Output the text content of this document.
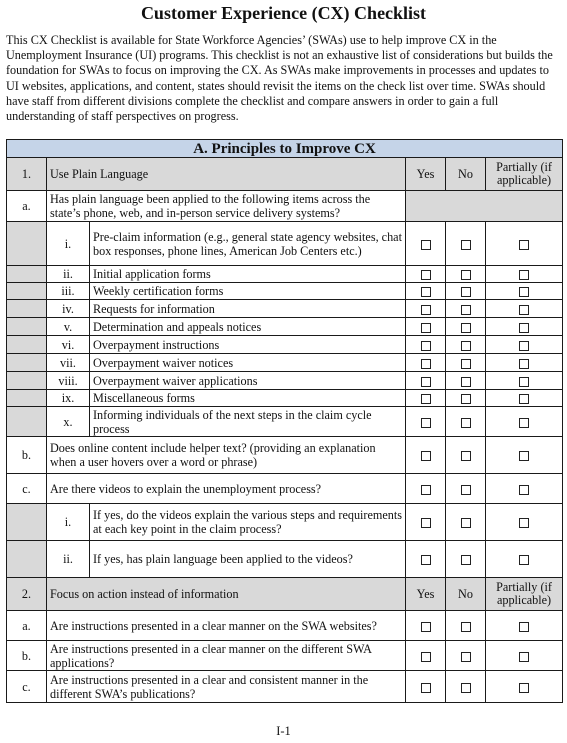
Customer Experience (CX) Checklist

This CX Checklist is available for State Workforce Agencies’ (SWAs) use to help improve CX in the Unemployment Insurance (UI) programs. This checklist is not an exhaustive list of considerations but builds the foundation for SWAs to focus on improving the CX. As SWAs make improvements in processes and updates to UI websites, applications, and content, states should revisit the items on the check list over time. SWAs should have staff from different divisions complete the checklist and compare answers in order to gain a full understanding of staff perspectives on progress.

A. Principles to Improve CX					
1.	Use Plain Language		Yes	No	Partially (if applicable)
a.	Has plain language been applied to the following items across the state’s phone, web, and in-person service delivery systems?				
	i.	Pre-claim information (e.g., general state agency websites, chat box responses, phone lines, American Job Centers etc.)			
	ii.	Initial application forms			
	iii.	Weekly certification forms			
	iv.	Requests for information			
	v.	Determination and appeals notices			
	vi.	Overpayment instructions			
	vii.	Overpayment waiver notices			
	viii.	Overpayment waiver applications			
	ix.	Miscellaneous forms			
	x.	Informing individuals of the next steps in the claim cycle process			
b.	Does online content include helper text? (providing an explanation when a user hovers over a word or phrase)				
c.	Are there videos to explain the unemployment process?				
	i.	If yes, do the videos explain the various steps and requirements at each key point in the claim process?			
	ii.	If yes, has plain language been applied to the videos?			
2.	Focus on action instead of information		Yes	No	Partially (if applicable)
a.	Are instructions presented in a clear manner on the SWA websites?				
b.	Are instructions presented in a clear manner on the different SWA applications?				
c.	Are instructions presented in a clear and consistent manner in the different SWA’s publications?				
I-1
